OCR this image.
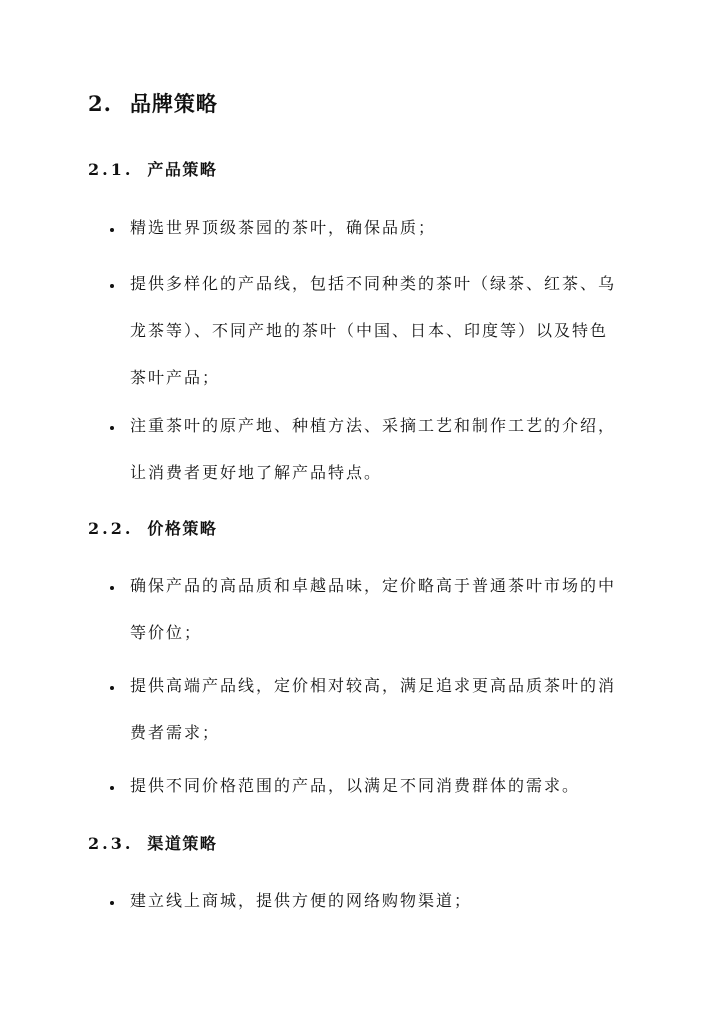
2. 品牌策略
2.1. 产品策略
精选世界顶级茶园的茶叶，确保品质；
提供多样化的产品线，包括不同种类的茶叶（绿茶、红茶、乌龙茶等）、不同产地的茶叶（中国、日本、印度等）以及特色茶叶产品；
注重茶叶的原产地、种植方法、采摘工艺和制作工艺的介绍，让消费者更好地了解产品特点。
2.2. 价格策略
确保产品的高品质和卓越品味，定价略高于普通茶叶市场的中等价位；
提供高端产品线，定价相对较高，满足追求更高品质茶叶的消费者需求；
提供不同价格范围的产品，以满足不同消费群体的需求。
2.3. 渠道策略
建立线上商城，提供方便的网络购物渠道；
